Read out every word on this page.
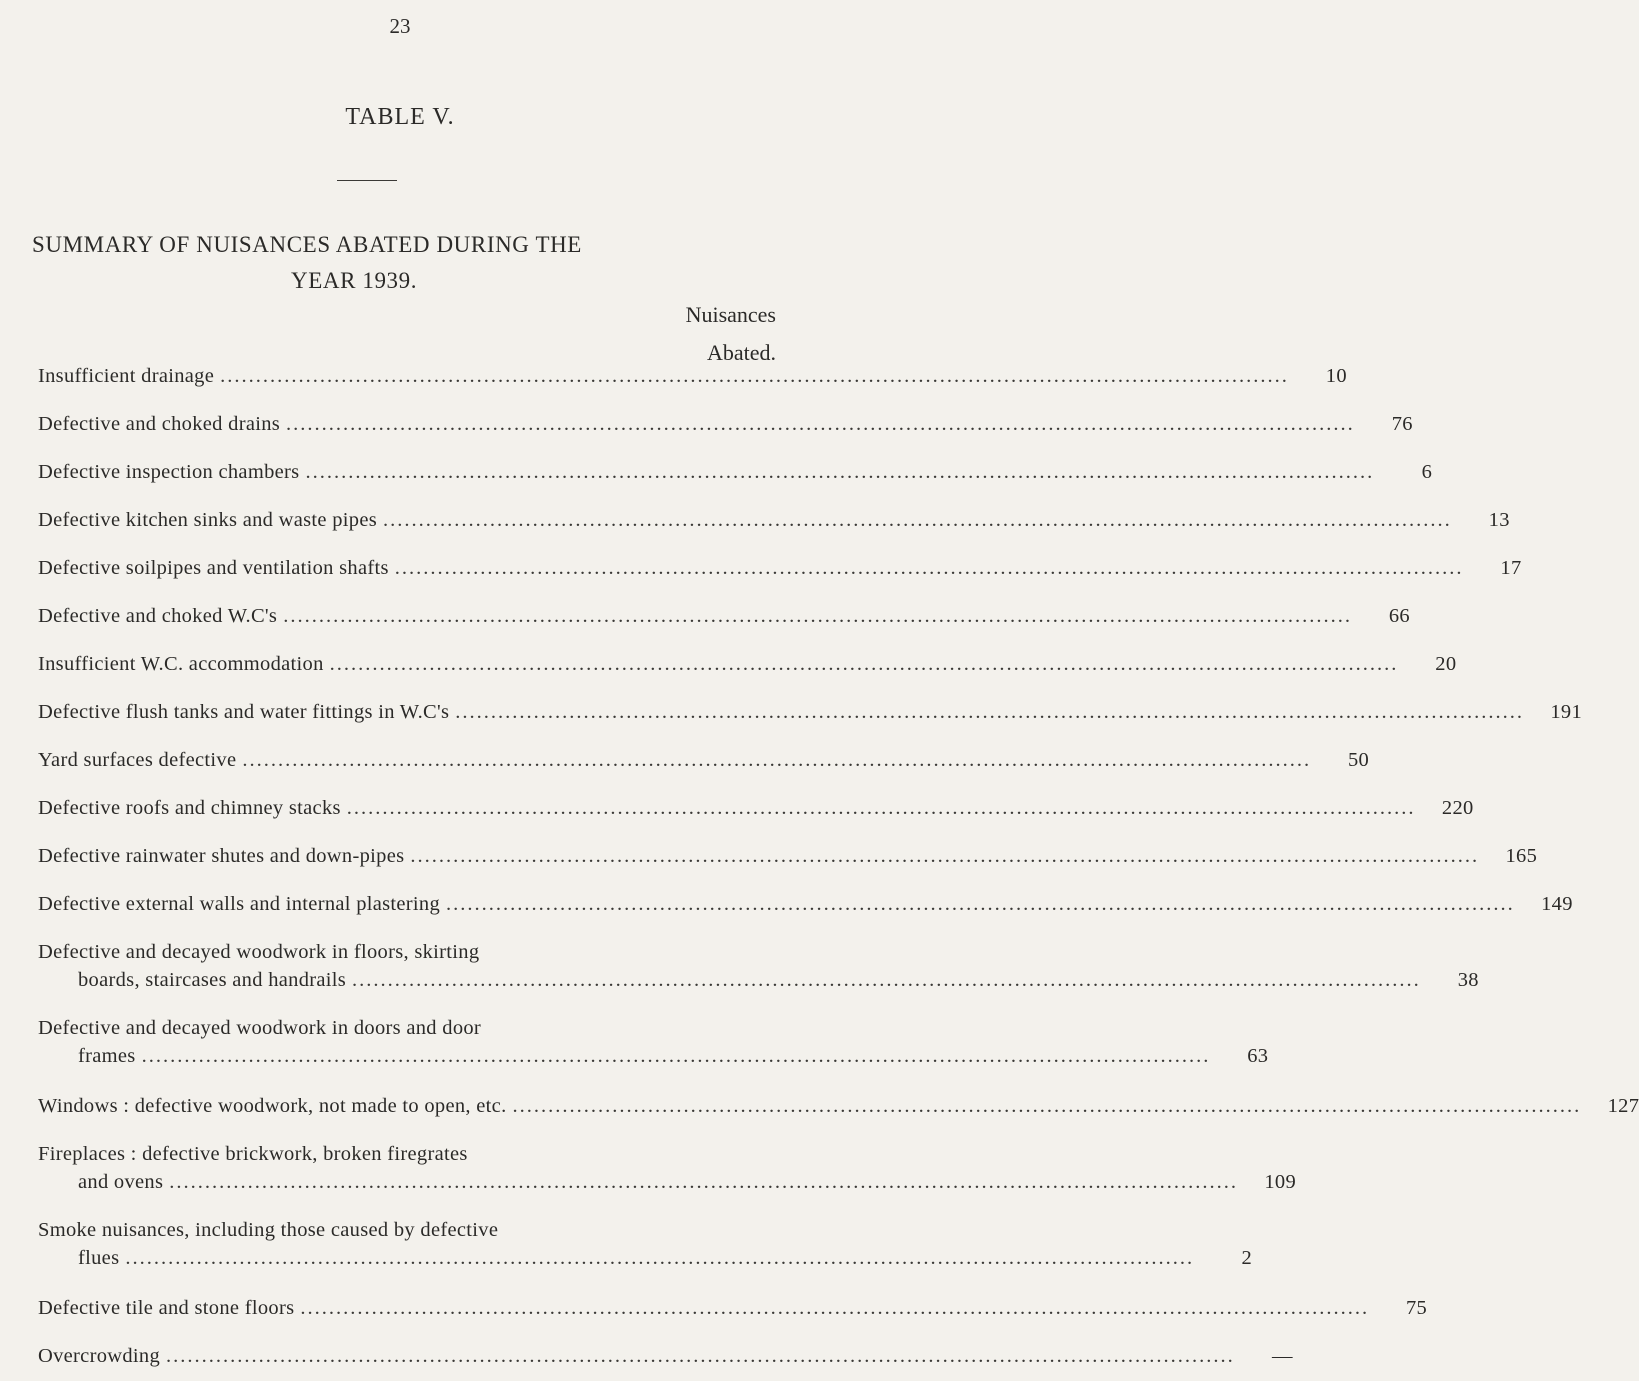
23
TABLE V.
SUMMARY OF NUISANCES ABATED DURING THE
YEAR 1939.
Nuisances
Abated.
Insufficient drainage ......................................................................................................................................................	10
Defective and choked drains ......................................................................................................................................................	76
Defective inspection chambers ......................................................................................................................................................	6
Defective kitchen sinks and waste pipes ......................................................................................................................................................	13
Defective soilpipes and ventilation shafts ......................................................................................................................................................	17
Defective and choked W.C's ......................................................................................................................................................	66
Insufficient W.C. accommodation ......................................................................................................................................................	20
Defective flush tanks and water fittings in W.C's ......................................................................................................................................................	191
Yard surfaces defective ......................................................................................................................................................	50
Defective roofs and chimney stacks ......................................................................................................................................................	220
Defective rainwater shutes and down-pipes ......................................................................................................................................................	165
Defective external walls and internal plastering ......................................................................................................................................................	149
Defective and decayed woodwork in floors, skirting
boards, staircases and handrails ......................................................................................................................................................	38
Defective and decayed woodwork in doors and door
frames ......................................................................................................................................................	63
Windows : defective woodwork, not made to open, etc. ......................................................................................................................................................	127
Fireplaces : defective brickwork, broken firegrates
and ovens ......................................................................................................................................................	109
Smoke nuisances, including those caused by defective
flues ......................................................................................................................................................	2
Defective tile and stone floors ......................................................................................................................................................	75
Overcrowding ......................................................................................................................................................	—
